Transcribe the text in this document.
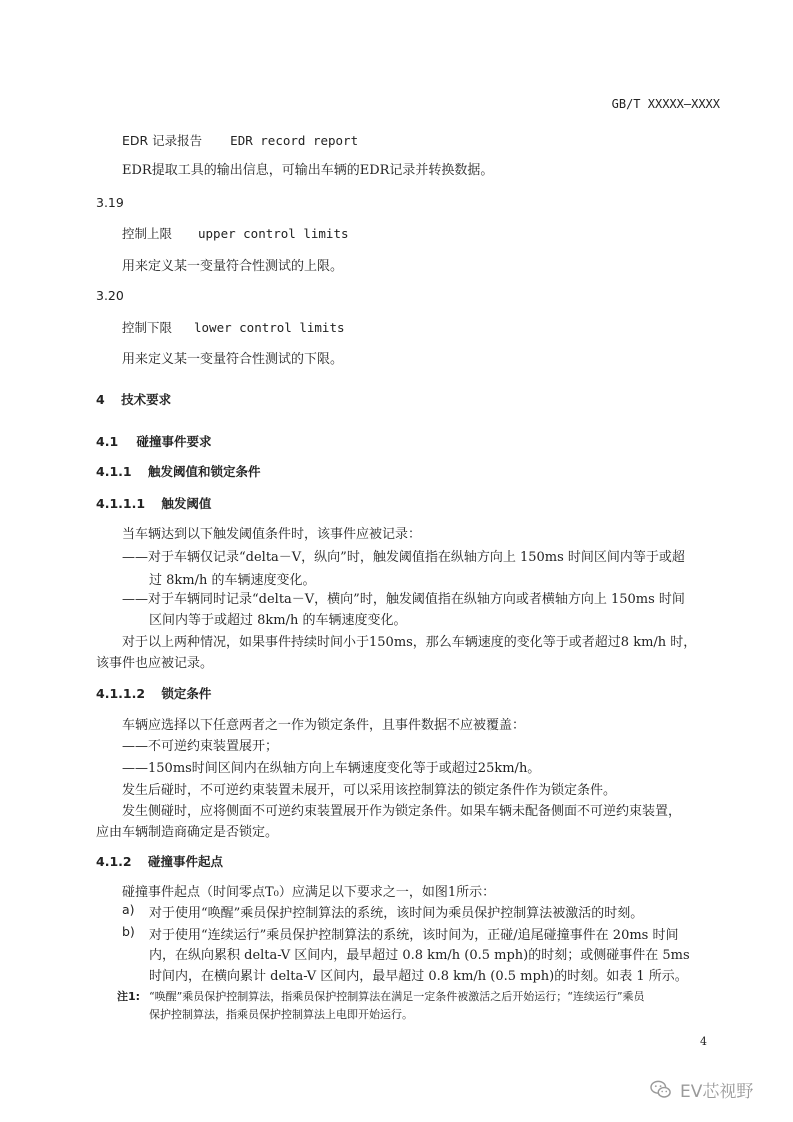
GB/T XXXXX—XXXX
EDR 记录报告 EDR record report
EDR提取工具的输出信息，可输出车辆的EDR记录并转换数据。
3.19
控制上限 upper control limits
用来定义某一变量符合性测试的上限。
3.20
控制下限 lower control limits
用来定义某一变量符合性测试的下限。
4 技术要求
4.1 碰撞事件要求
4.1.1 触发阈值和锁定条件
4.1.1.1 触发阈值
当车辆达到以下触发阈值条件时，该事件应被记录：
——对于车辆仅记录“delta－V，纵向”时，触发阈值指在纵轴方向上 150ms 时间区间内等于或超
过 8km/h 的车辆速度变化。
——对于车辆同时记录“delta－V，横向”时，触发阈值指在纵轴方向或者横轴方向上 150ms 时间
区间内等于或超过 8km/h 的车辆速度变化。
对于以上两种情况，如果事件持续时间小于150ms，那么车辆速度的变化等于或者超过8 km/h 时，
该事件也应被记录。
4.1.1.2 锁定条件
车辆应选择以下任意两者之一作为锁定条件，且事件数据不应被覆盖：
——不可逆约束装置展开；
——150ms时间区间内在纵轴方向上车辆速度变化等于或超过25km/h。
发生后碰时，不可逆约束装置未展开，可以采用该控制算法的锁定条件作为锁定条件。
发生侧碰时，应将侧面不可逆约束装置展开作为锁定条件。如果车辆未配备侧面不可逆约束装置，
应由车辆制造商确定是否锁定。
4.1.2 碰撞事件起点
碰撞事件起点（时间零点T₀）应满足以下要求之一，如图1所示：
a) 对于使用“唤醒”乘员保护控制算法的系统，该时间为乘员保护控制算法被激活的时刻。
b) 对于使用“连续运行”乘员保护控制算法的系统，该时间为，正碰/追尾碰撞事件在 20ms 时间
内，在纵向累积 delta-V 区间内，最早超过 0.8 km/h (0.5 mph)的时刻；或侧碰事件在 5ms
时间内，在横向累计 delta-V 区间内，最早超过 0.8 km/h (0.5 mph)的时刻。如表 1 所示。
注1: “唤醒”乘员保护控制算法，指乘员保护控制算法在满足一定条件被激活之后开始运行；“连续运行”乘员
保护控制算法，指乘员保护控制算法上电即开始运行。
4
EV芯视野
